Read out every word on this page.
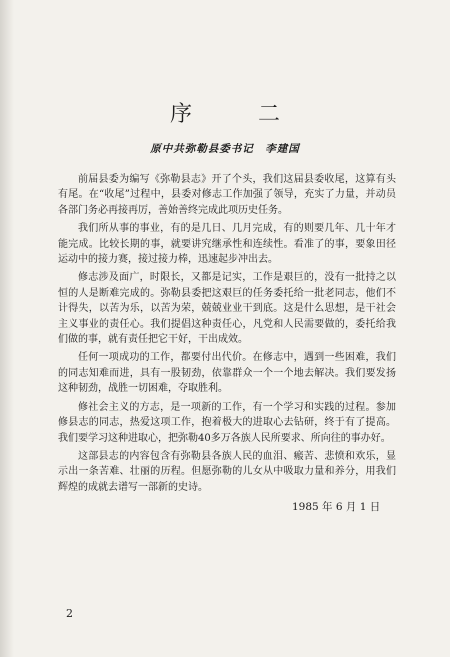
序　二
原中共弥勒县委书记　李建国

前届县委为编写《弥勒县志》开了个头，我们这届县委收尾，这算有头有尾。在“收尾”过程中，县委对修志工作加强了领导，充实了力量，并动员各部门务必再接再厉，善始善终完成此项历史任务。

我们所从事的事业，有的是几日、几月完成，有的则要几年、几十年才能完成。比较长期的事，就要讲究继承性和连续性。看准了的事，要象田径运动中的接力赛，接过接力棒，迅速起步冲出去。

修志涉及面广，时限长，又都是记实，工作是艰巨的，没有一批持之以恒的人是断难完成的。弥勒县委把这艰巨的任务委托给一批老同志，他们不计得失，以苦为乐，以苦为荣，兢兢业业干到底。这是什么思想，是干社会主义事业的责任心。我们提倡这种责任心，凡党和人民需要做的，委托给我们做的事，就有责任把它干好，干出成效。

任何一项成功的工作，都要付出代价。在修志中，遇到一些困难，我们的同志知难而进，具有一股韧劲，依靠群众一个一个地去解决。我们要发扬这种韧劲，战胜一切困难，夺取胜利。

修社会主义的方志，是一项新的工作，有一个学习和实践的过程。参加修县志的同志，热爱这项工作，抱着极大的进取心去钻研，终于有了提高。我们要学习这种进取心，把弥勒40多万各族人民所要求、所向往的事办好。

这部县志的内容包含有弥勒县各族人民的血泪、瘢苦、悲愤和欢乐，显示出一条苦难、壮丽的历程。但愿弥勒的儿女从中吸取力量和养分，用我们辉煌的成就去谱写一部新的史诗。

1985 年 6 月 1 日
2
